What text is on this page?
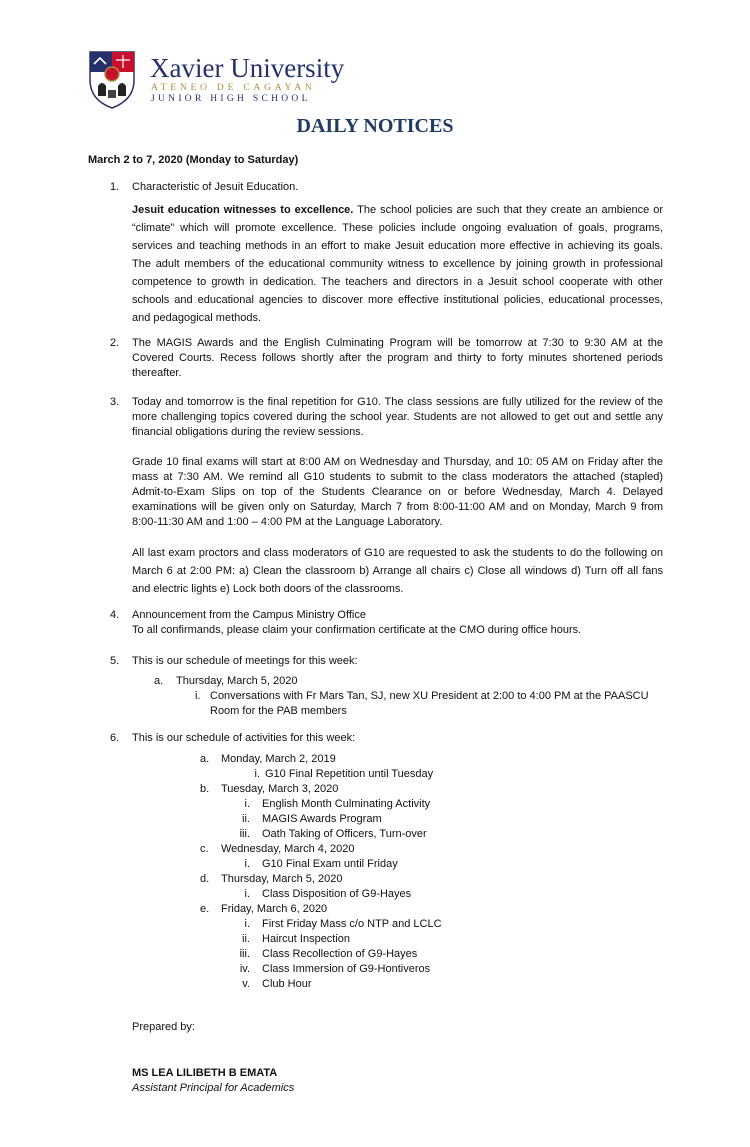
Xavier University
ATENEO DE CAGAYAN
JUNIOR HIGH SCHOOL
DAILY NOTICES
March 2 to 7, 2020 (Monday to Saturday)
1. Characteristic of Jesuit Education.
Jesuit education witnesses to excellence. The school policies are such that they create an ambience or “climate” which will promote excellence. These policies include ongoing evaluation of goals, programs, services and teaching methods in an effort to make Jesuit education more effective in achieving its goals. The adult members of the educational community witness to excellence by joining growth in professional competence to growth in dedication. The teachers and directors in a Jesuit school cooperate with other schools and educational agencies to discover more effective institutional policies, educational processes, and pedagogical methods.
2. The MAGIS Awards and the English Culminating Program will be tomorrow at 7:30 to 9:30 AM at the Covered Courts. Recess follows shortly after the program and thirty to forty minutes shortened periods thereafter.
3. Today and tomorrow is the final repetition for G10. The class sessions are fully utilized for the review of the more challenging topics covered during the school year. Students are not allowed to get out and settle any financial obligations during the review sessions.
Grade 10 final exams will start at 8:00 AM on Wednesday and Thursday, and 10: 05 AM on Friday after the mass at 7:30 AM. We remind all G10 students to submit to the class moderators the attached (stapled) Admit-to-Exam Slips on top of the Students Clearance on or before Wednesday, March 4. Delayed examinations will be given only on Saturday, March 7 from 8:00-11:00 AM and on Monday, March 9 from 8:00-11:30 AM and 1:00 – 4:00 PM at the Language Laboratory.
All last exam proctors and class moderators of G10 are requested to ask the students to do the following on March 6 at 2:00 PM: a) Clean the classroom b) Arrange all chairs c) Close all windows d) Turn off all fans and electric lights e) Lock both doors of the classrooms.
4. Announcement from the Campus Ministry Office
To all confirmands, please claim your confirmation certificate at the CMO during office hours.
5. This is our schedule of meetings for this week:
a. Thursday, March 5, 2020
i. Conversations with Fr Mars Tan, SJ, new XU President at 2:00 to 4:00 PM at the PAASCU
Room for the PAB members
6. This is our schedule of activities for this week:
a. Monday, March 2, 2019
i. G10 Final Repetition until Tuesday
b. Tuesday, March 3, 2020
i. English Month Culminating Activity
ii. MAGIS Awards Program
iii. Oath Taking of Officers, Turn-over
c. Wednesday, March 4, 2020
i. G10 Final Exam until Friday
d. Thursday, March 5, 2020
i. Class Disposition of G9-Hayes
e. Friday, March 6, 2020
i. First Friday Mass c/o NTP and LCLC
ii. Haircut Inspection
iii. Class Recollection of G9-Hayes
iv. Class Immersion of G9-Hontiveros
v. Club Hour
Prepared by:
MS LEA LILIBETH B EMATA
Assistant Principal for Academics
